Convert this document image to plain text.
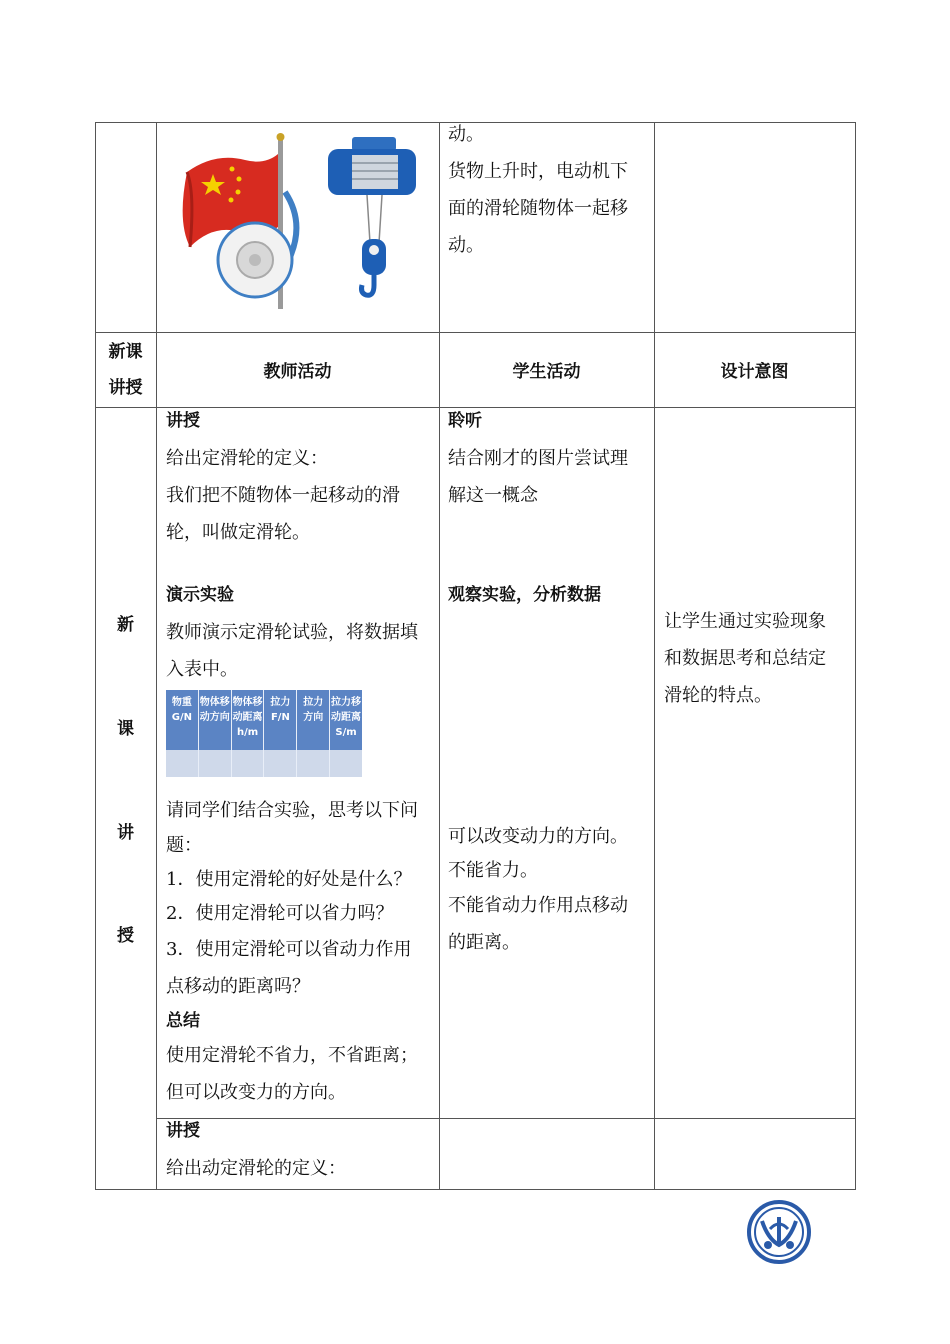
动。

货物上升时，电动机下

面的滑轮随物体一起移

动。

新课
讲授
教师活动	学生活动	设计意图
新
课
讲
授

讲授

给出定滑轮的定义：

我们把不随物体一起移动的滑

轮，叫做定滑轮。

演示实验

教师演示定滑轮试验，将数据填

入表中。

物重
G/N
物体移
动方向
物体移
动距离
h/m
拉力
F/N
拉力
方向
拉力移
动距离
S/m

请同学们结合实验，思考以下问

题：

1．使用定滑轮的好处是什么？

2．使用定滑轮可以省力吗？

3．使用定滑轮可以省动力作用

点移动的距离吗？

总结

使用定滑轮不省力，不省距离；

但可以改变力的方向。

讲授

给出动定滑轮的定义：

聆听

结合刚才的图片尝试理

解这一概念

观察实验，分析数据

可以改变动力的方向。

不能省力。

不能省动力作用点移动

的距离。

让学生通过实验现象

和数据思考和总结定

滑轮的特点。
